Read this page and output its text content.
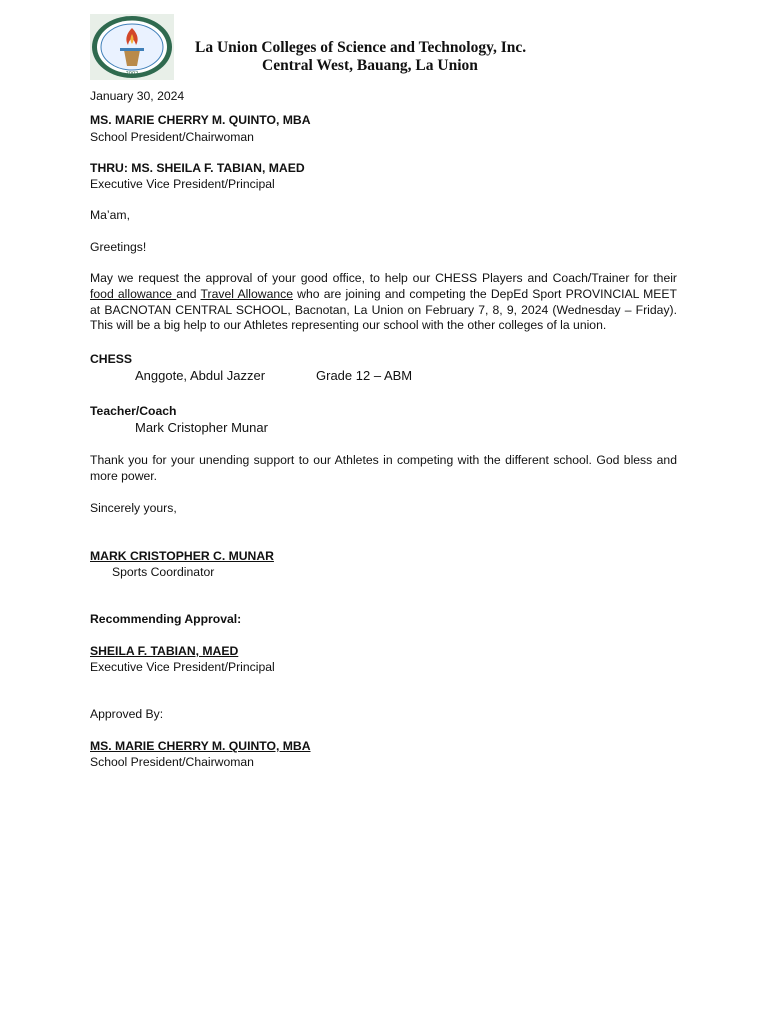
2002
La Union Colleges of Science and Technology, Inc.
Central West, Bauang, La Union
January 30, 2024
MS. MARIE CHERRY M. QUINTO, MBA
School President/Chairwoman
THRU: MS. SHEILA F. TABIAN, MAED
Executive Vice President/Principal
Ma’am,
Greetings!
May we request the approval of your good office, to help our CHESS Players and Coach/Trainer for their food allowance and Travel Allowance who are joining and competing the DepEd Sport PROVINCIAL MEET at BACNOTAN CENTRAL SCHOOL, Bacnotan, La Union on February 7, 8, 9, 2024 (Wednesday – Friday). This will be a big help to our Athletes representing our school with the other colleges of la union.
CHESS
Anggote, Abdul Jazzer	Grade 12 – ABM
Teacher/Coach
Mark Cristopher Munar
Thank you for your unending support to our Athletes in competing with the different school. God bless and more power.
Sincerely yours,
MARK CRISTOPHER C. MUNAR
Sports Coordinator
Recommending Approval:
SHEILA F. TABIAN, MAED
Executive Vice President/Principal
Approved By:
MS. MARIE CHERRY M. QUINTO, MBA
School President/Chairwoman
